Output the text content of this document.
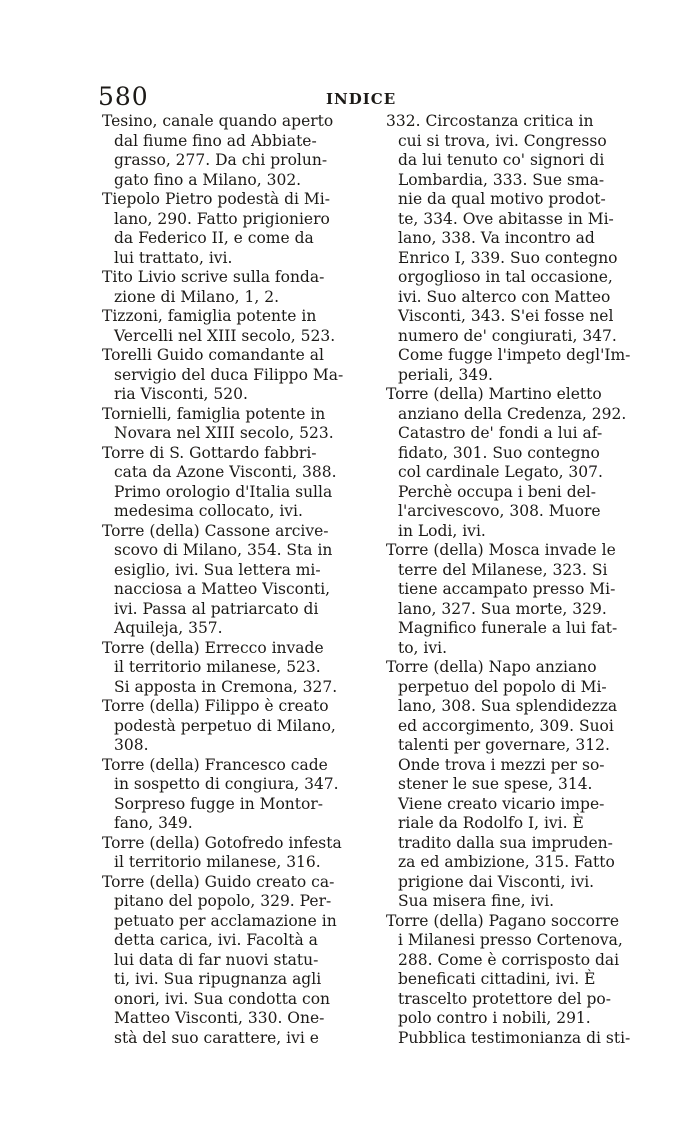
580	INDICE

Tesino, canale quando aperto
dal fiume fino ad Abbiate-
grasso, 277. Da chi prolun-
gato fino a Milano, 302.

Tiepolo Pietro podestà di Mi-
lano, 290. Fatto prigioniero
da Federico II, e come da
lui trattato, ivi.

Tito Livio scrive sulla fonda-
zione di Milano, 1, 2.

Tizzoni, famiglia potente in
Vercelli nel XIII secolo, 523.

Torelli Guido comandante al
servigio del duca Filippo Ma-
ria Visconti, 520.

Tornielli, famiglia potente in
Novara nel XIII secolo, 523.

Torre di S. Gottardo fabbri-
cata da Azone Visconti, 388.
Primo orologio d'Italia sulla
medesima collocato, ivi.

Torre (della) Cassone arcive-
scovo di Milano, 354. Sta in
esiglio, ivi. Sua lettera mi-
nacciosa a Matteo Visconti,
ivi. Passa al patriarcato di
Aquileja, 357.

Torre (della) Errecco invade
il territorio milanese, 523.
Si apposta in Cremona, 327.

Torre (della) Filippo è creato
podestà perpetuo di Milano,
308.

Torre (della) Francesco cade
in sospetto di congiura, 347.
Sorpreso fugge in Montor-
fano, 349.

Torre (della) Gotofredo infesta
il territorio milanese, 316.

Torre (della) Guido creato ca-
pitano del popolo, 329. Per-
petuato per acclamazione in
detta carica, ivi. Facoltà a
lui data di far nuovi statu-
ti, ivi. Sua ripugnanza agli
onori, ivi. Sua condotta con
Matteo Visconti, 330. One-
stà del suo carattere, ivi e

332. Circostanza critica in
cui si trova, ivi. Congresso
da lui tenuto co' signori di
Lombardia, 333. Sue sma-
nie da qual motivo prodot-
te, 334. Ove abitasse in Mi-
lano, 338. Va incontro ad
Enrico I, 339. Suo contegno
orgoglioso in tal occasione,
ivi. Suo alterco con Matteo
Visconti, 343. S'ei fosse nel
numero de' congiurati, 347.
Come fugge l'impeto degl'Im-
periali, 349.

Torre (della) Martino eletto
anziano della Credenza, 292.
Catastro de' fondi a lui af-
fidato, 301. Suo contegno
col cardinale Legato, 307.
Perchè occupa i beni del-
l'arcivescovo, 308. Muore
in Lodi, ivi.

Torre (della) Mosca invade le
terre del Milanese, 323. Si
tiene accampato presso Mi-
lano, 327. Sua morte, 329.
Magnifico funerale a lui fat-
to, ivi.

Torre (della) Napo anziano
perpetuo del popolo di Mi-
lano, 308. Sua splendidezza
ed accorgimento, 309. Suoi
talenti per governare, 312.
Onde trova i mezzi per so-
stener le sue spese, 314.
Viene creato vicario impe-
riale da Rodolfo I, ivi. È
tradito dalla sua impruden-
za ed ambizione, 315. Fatto
prigione dai Visconti, ivi.
Sua misera fine, ivi.

Torre (della) Pagano soccorre
i Milanesi presso Cortenova,
288. Come è corrisposto dai
beneficati cittadini, ivi. È
trascelto protettore del po-
polo contro i nobili, 291.
Pubblica testimonianza di sti-
